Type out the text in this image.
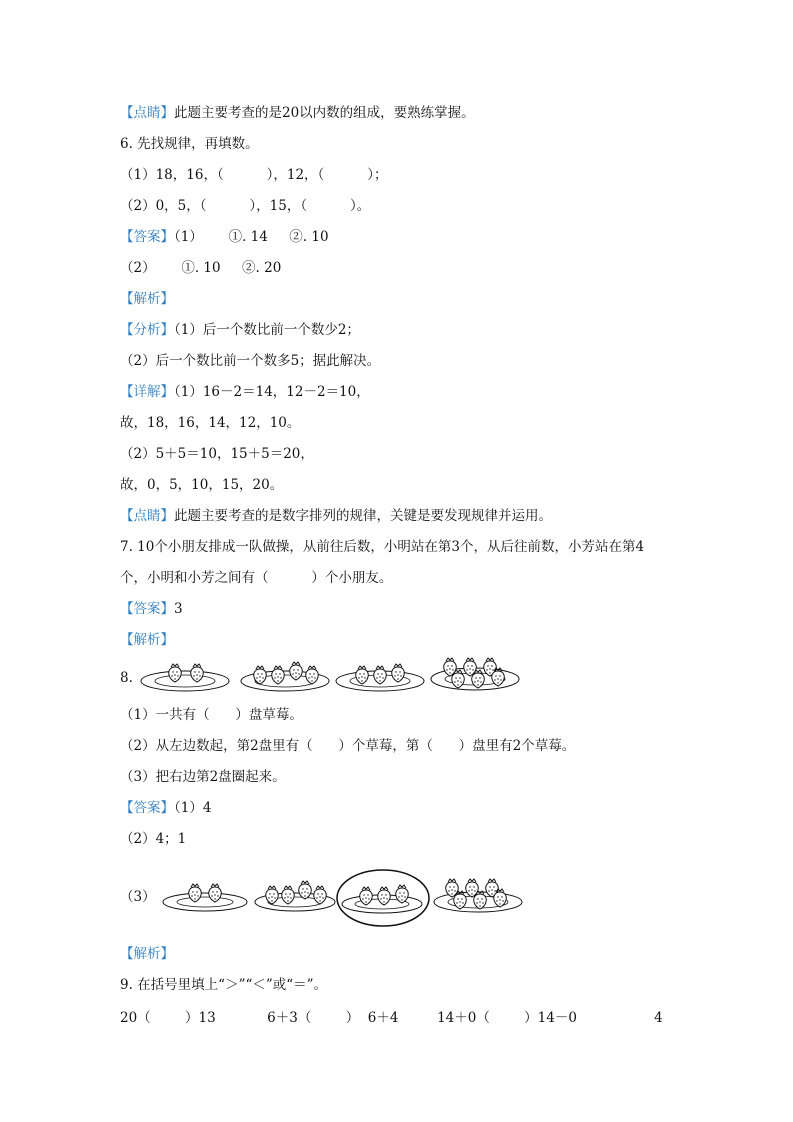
【点睛】此题主要考查的是20以内数的组成，要熟练掌握。
6. 先找规律，再填数。
（1）18，16，（          ），12，（          ）；
（2）0，5，（          ），15，（          ）。
【答案】（1）      ①. 14     ②. 10
（2）      ①. 10     ②. 20
【解析】
【分析】（1）后一个数比前一个数少2；
（2）后一个数比前一个数多5；据此解决。
【详解】（1）16－2＝14，12－2＝10，
故，18，16，14，12，10。
（2）5＋5＝10，15＋5＝20，
故，0，5，10，15，20。
【点睛】此题主要考查的是数字排列的规律，关键是要发现规律并运用。
7. 10个小朋友排成一队做操，从前往后数，小明站在第3个，从后往前数，小芳站在第4
个，小明和小芳之间有（          ）个小朋友。
【答案】3
【解析】
8.
（1）一共有（      ）盘草莓。
（2）从左边数起，第2盘里有（      ）个草莓，第（      ）盘里有2个草莓。
（3）把右边第2盘圈起来。
【答案】（1）4
（2）4；1
（3）
【解析】
9. 在括号里填上“＞”“＜”或“＝”。
20（        ）13            6＋3（        ）  6＋4         14＋0（        ）14－0                  4
